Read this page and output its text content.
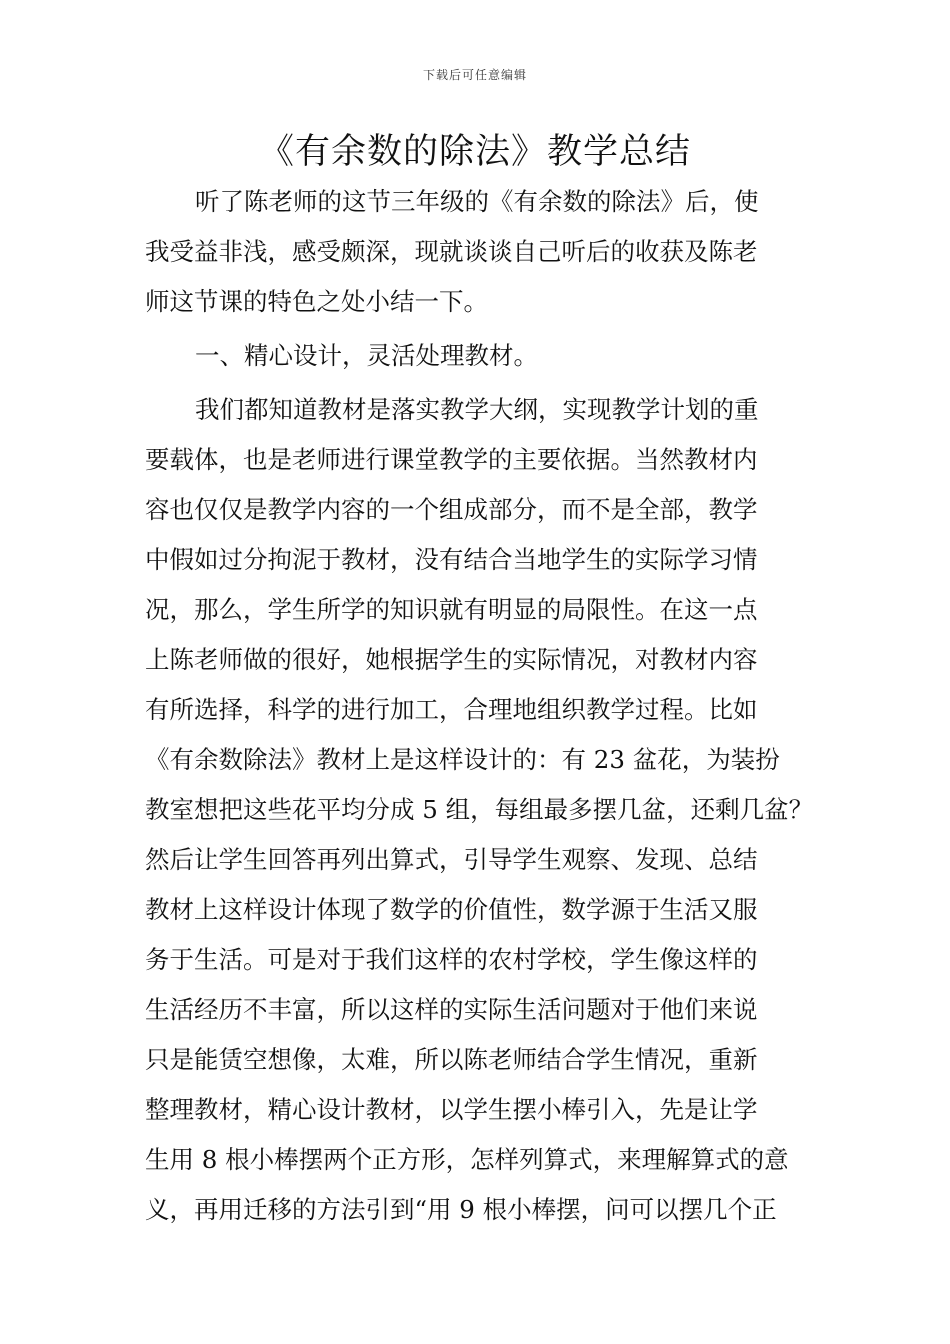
下载后可任意编辑
《有余数的除法》教学总结
听了陈老师的这节三年级的《有余数的除法》后，使
我受益非浅，感受颇深，现就谈谈自己听后的收获及陈老
师这节课的特色之处小结一下。
一、精心设计，灵活处理教材。
我们都知道教材是落实教学大纲，实现教学计划的重
要载体，也是老师进行课堂教学的主要依据。当然教材内
容也仅仅是教学内容的一个组成部分，而不是全部，教学
中假如过分拘泥于教材，没有结合当地学生的实际学习情
况，那么，学生所学的知识就有明显的局限性。在这一点
上陈老师做的很好，她根据学生的实际情况，对教材内容
有所选择，科学的进行加工，合理地组织教学过程。比如
《有余数除法》教材上是这样设计的：有 23 盆花，为装扮
教室想把这些花平均分成 5 组，每组最多摆几盆，还剩几盆？
然后让学生回答再列出算式，引导学生观察、发现、总结
教材上这样设计体现了数学的价值性，数学源于生活又服
务于生活。可是对于我们这样的农村学校，学生像这样的
生活经历不丰富，所以这样的实际生活问题对于他们来说
只是能赁空想像，太难，所以陈老师结合学生情况，重新
整理教材，精心设计教材，以学生摆小棒引入，先是让学
生用 8 根小棒摆两个正方形，怎样列算式，来理解算式的意
义，再用迁移的方法引到“用 9 根小棒摆，问可以摆几个正
